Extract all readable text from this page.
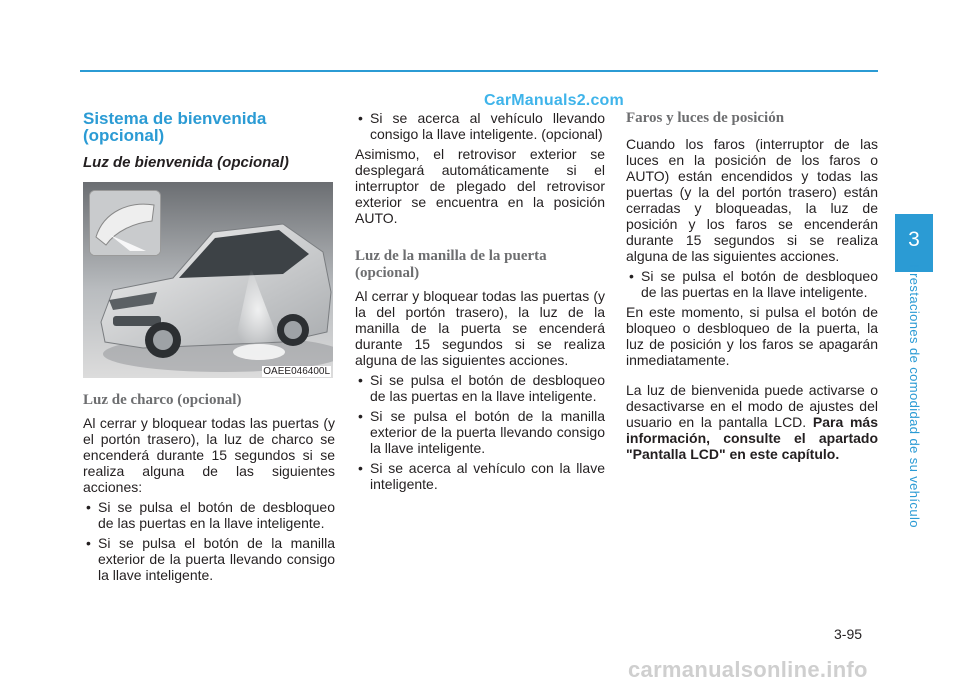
CarManuals2.com
Sistema de bienvenida (opcional)
Luz de bienvenida (opcional)
OAEE046400L
Luz de charco (opcional)

Al cerrar y bloquear todas las puertas (y el portón trasero), la luz de charco se encenderá durante 15 segundos si se realiza alguna de las siguientes acciones:

• Si se pulsa el botón de desbloqueo de las puertas en la llave inteligente.
• Si se pulsa el botón de la manilla exterior de la puerta llevando consigo la llave inteligente.
• Si se acerca al vehículo llevando consigo la llave inteligente. (opcional)

Asimismo, el retrovisor exterior se desplegará automáticamente si el interruptor de plegado del retrovisor exterior se encuentra en la posición AUTO.

Luz de la manilla de la puerta (opcional)

Al cerrar y bloquear todas las puertas (y la del portón trasero), la luz de la manilla de la puerta se encenderá durante 15 segundos si se realiza alguna de las siguientes acciones.

• Si se pulsa el botón de desbloqueo de las puertas en la llave inteligente.
• Si se pulsa el botón de la manilla exterior de la puerta llevando consigo la llave inteligente.
• Si se acerca al vehículo con la llave inteligente.
Faros y luces de posición

Cuando los faros (interruptor de las luces en la posición de los faros o AUTO) están encendidos y todas las puertas (y la del portón trasero) están cerradas y bloqueadas, la luz de posición y los faros se encenderán durante 15 segundos si se realiza alguna de las siguientes acciones.

• Si se pulsa el botón de desbloqueo de las puertas en la llave inteligente.

En este momento, si pulsa el botón de bloqueo o desbloqueo de la puerta, la luz de posición y los faros se apagarán inmediatamente.

La luz de bienvenida puede activarse o desactivarse en el modo de ajustes del usuario en la pantalla LCD. Para más información, consulte el apartado "Pantalla LCD" en este capítulo.

3
Prestaciones de comodidad de su vehículo
3-95
carmanualsonline.info
